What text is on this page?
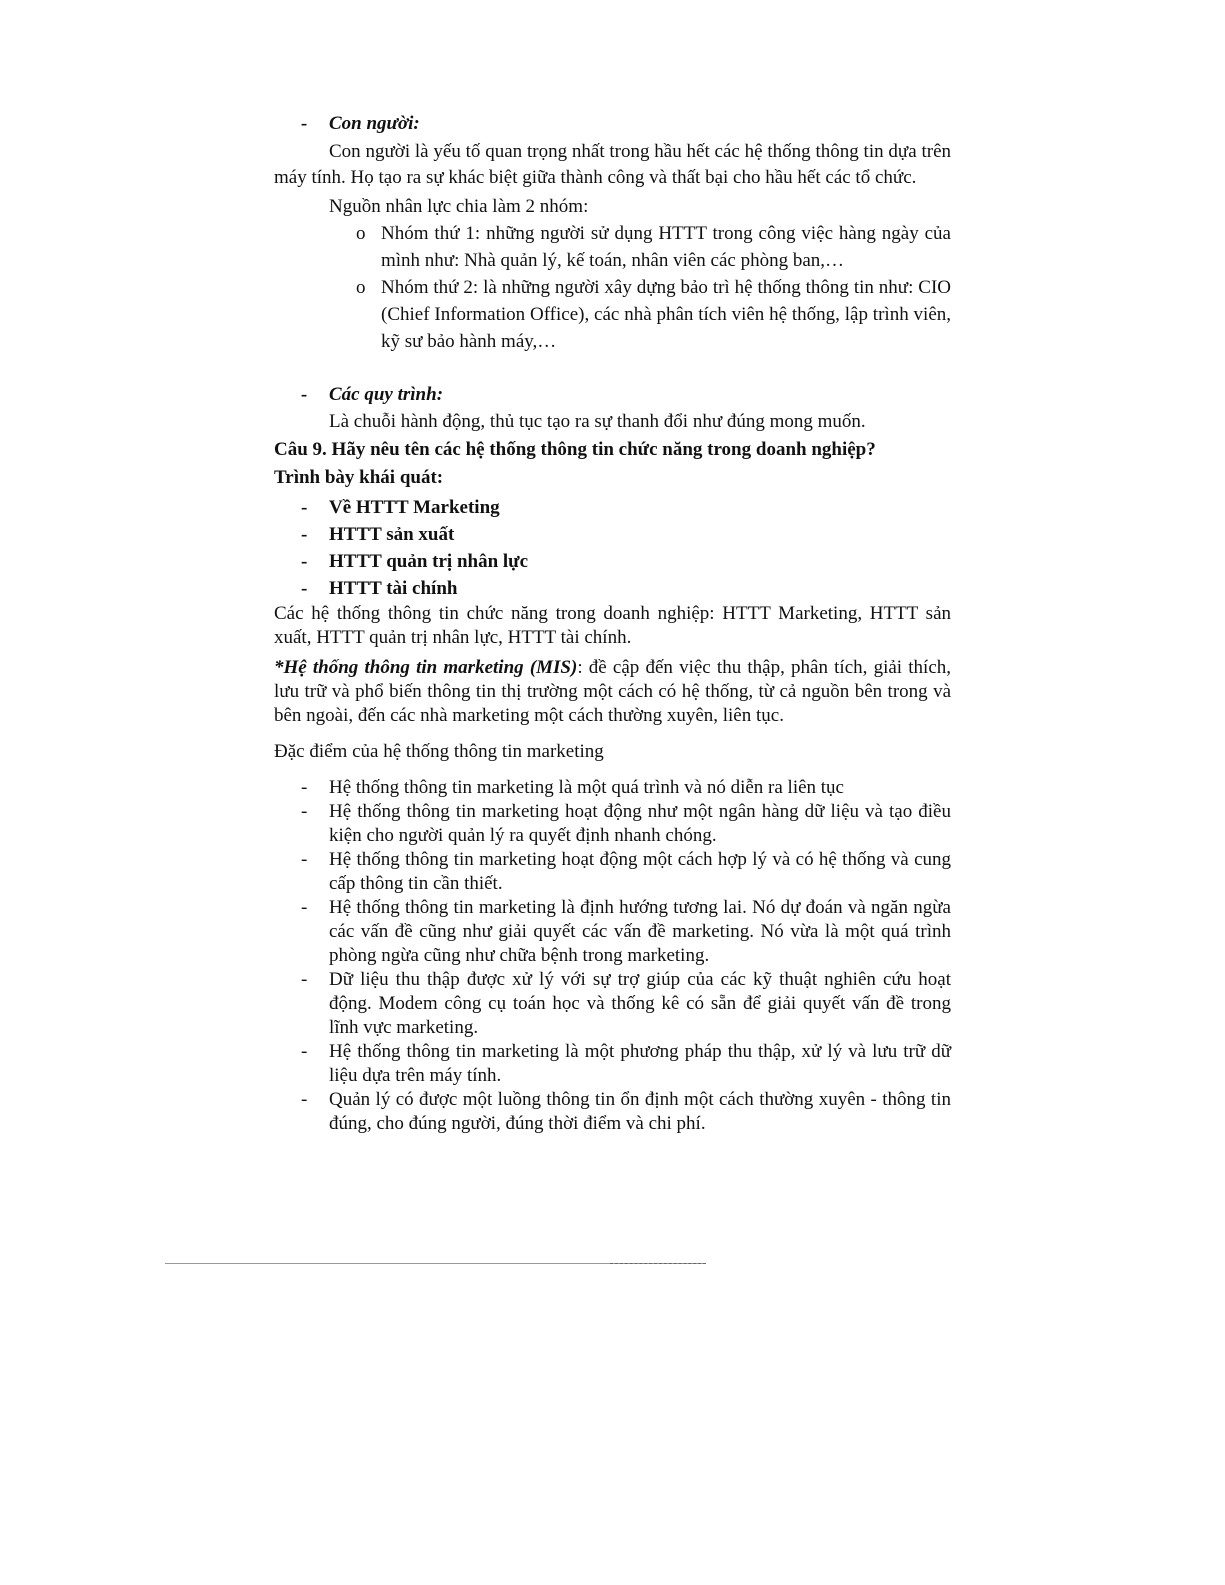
- Con người:

Con người là yếu tố quan trọng nhất trong hầu hết các hệ thống thông tin dựa trên máy tính. Họ tạo ra sự khác biệt giữa thành công và thất bại cho hầu hết các tổ chức.

Nguồn nhân lực chia làm 2 nhóm:

o Nhóm thứ 1: những người sử dụng HTTT trong công việc hàng ngày của mình như: Nhà quản lý, kế toán, nhân viên các phòng ban,…

o Nhóm thứ 2: là những người xây dựng bảo trì hệ thống thông tin như: CIO (Chief Information Office), các nhà phân tích viên hệ thống, lập trình viên, kỹ sư bảo hành máy,…

- Các quy trình:

Là chuỗi hành động, thủ tục tạo ra sự thanh đổi như đúng mong muốn.

Câu 9. Hãy nêu tên các hệ thống thông tin chức năng trong doanh nghiệp? Trình bày khái quát:

- Về HTTT Marketing

- HTTT sản xuất

- HTTT quản trị nhân lực

- HTTT tài chính

Các hệ thống thông tin chức năng trong doanh nghiệp: HTTT Marketing, HTTT sản xuất, HTTT quản trị nhân lực, HTTT tài chính.

*Hệ thống thông tin marketing (MIS): đề cập đến việc thu thập, phân tích, giải thích, lưu trữ và phổ biến thông tin thị trường một cách có hệ thống, từ cả nguồn bên trong và bên ngoài, đến các nhà marketing một cách thường xuyên, liên tục.

Đặc điểm của hệ thống thông tin marketing

- Hệ thống thông tin marketing là một quá trình và nó diễn ra liên tục

- Hệ thống thông tin marketing hoạt động như một ngân hàng dữ liệu và tạo điều kiện cho người quản lý ra quyết định nhanh chóng.

- Hệ thống thông tin marketing hoạt động một cách hợp lý và có hệ thống và cung cấp thông tin cần thiết.

- Hệ thống thông tin marketing là định hướng tương lai. Nó dự đoán và ngăn ngừa các vấn đề cũng như giải quyết các vấn đề marketing. Nó vừa là một quá trình phòng ngừa cũng như chữa bệnh trong marketing.

- Dữ liệu thu thập được xử lý với sự trợ giúp của các kỹ thuật nghiên cứu hoạt động. Modem công cụ toán học và thống kê có sẵn để giải quyết vấn đề trong lĩnh vực marketing.

- Hệ thống thông tin marketing là một phương pháp thu thập, xử lý và lưu trữ dữ liệu dựa trên máy tính.

- Quản lý có được một luồng thông tin ổn định một cách thường xuyên - thông tin đúng, cho đúng người, đúng thời điểm và chi phí.
